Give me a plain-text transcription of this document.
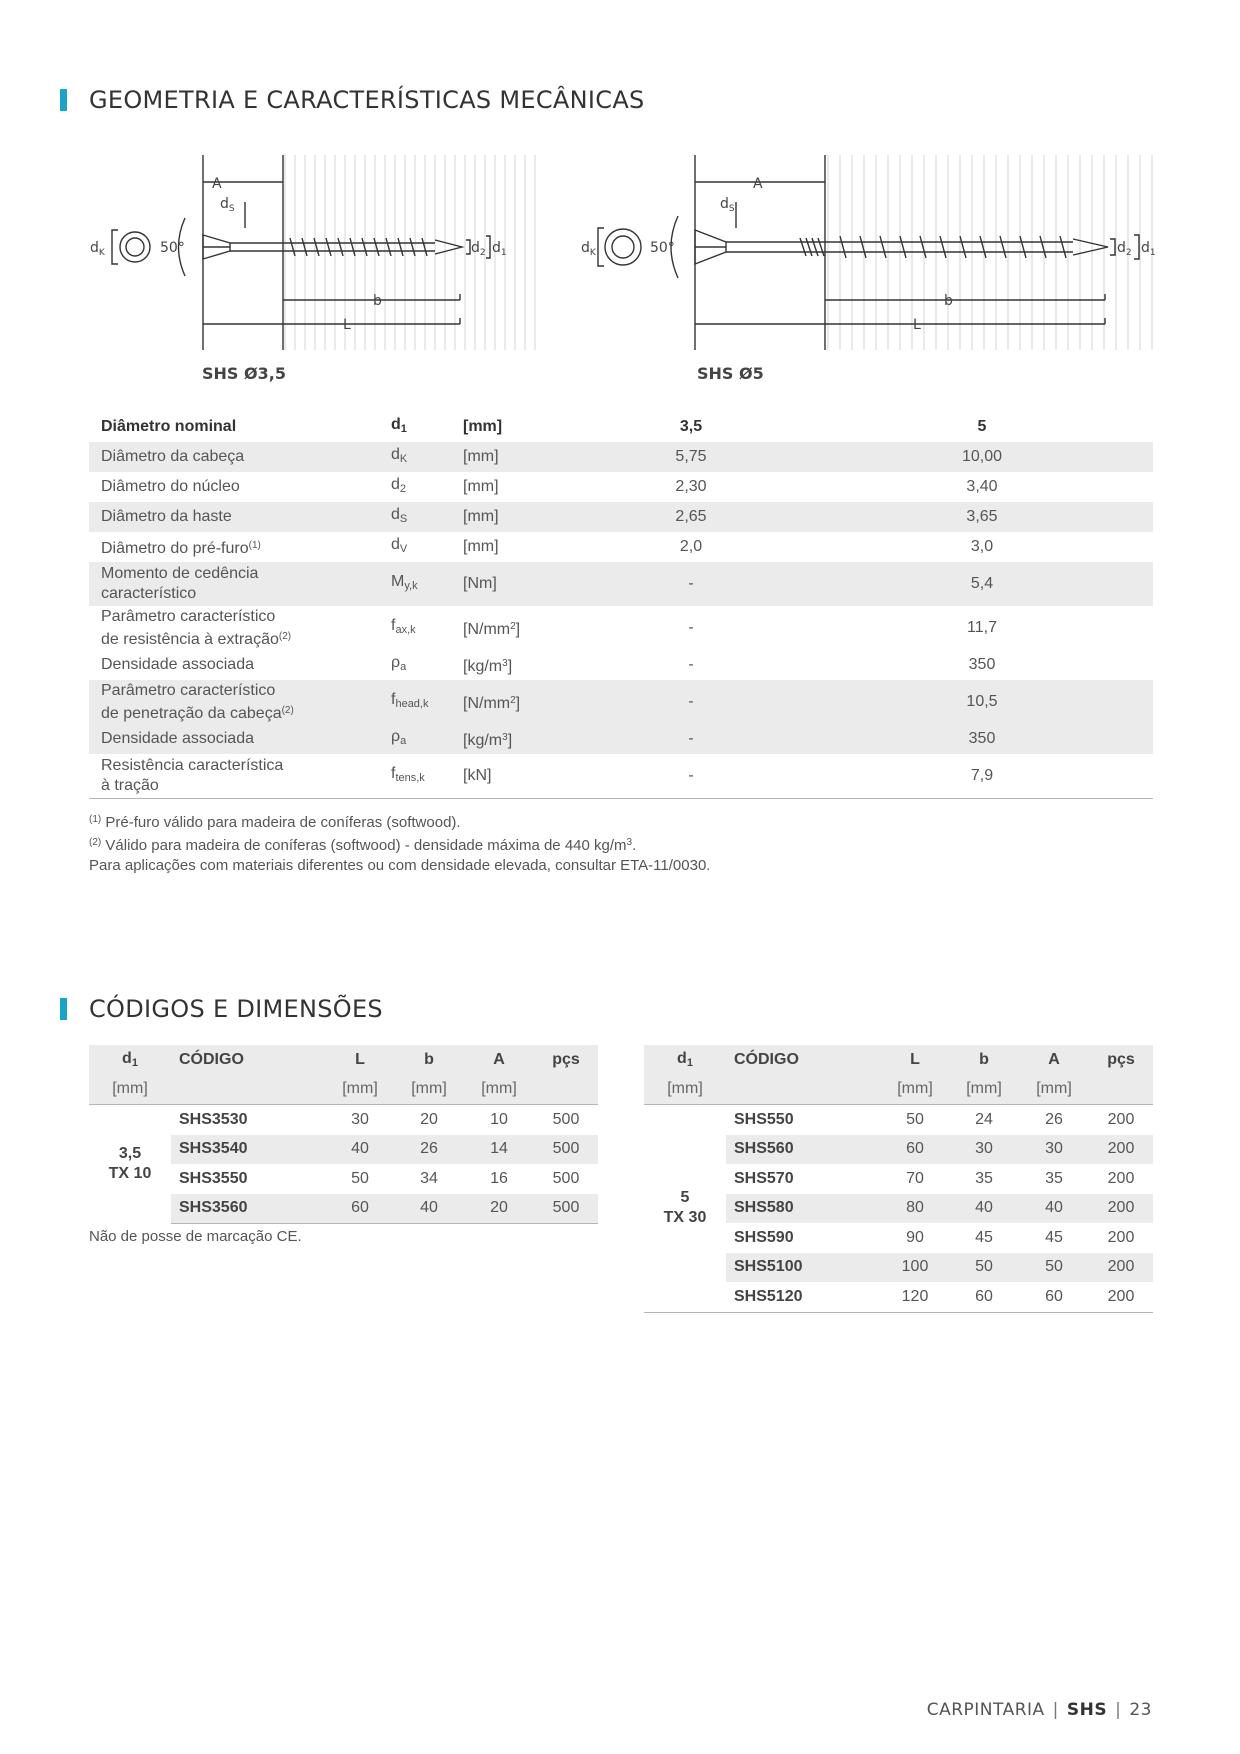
GEOMETRIA E CARACTERÍSTICAS MECÂNICAS
A
$d_S$
$d_K$	50°	$d_2$ $d_1$
b
L
SHS Ø3,5
A
$d_S$
$d_K$	50°	$d_2$ $d_1$
b
L
SHS Ø5
Diâmetro nominal	$d_1$	[mm]	3,5	5
Diâmetro da cabeça	$d_K$	[mm]	5,75	10,00
Diâmetro do núcleo	$d_2$	[mm]	2,30	3,40
Diâmetro da haste	$d_S$	[mm]	2,65	3,65
Diâmetro do pré-furo$^{(1)}$	$d_V$	[mm]	2,0	3,0
Momento de cedência
característico	$M_{y,k}$	[Nm]	-	5,4
Parâmetro característico
de resistência à extração$^{(2)}$	$f_{ax,k}$	$[N/mm^2]$	-	11,7
Densidade associada	$\rho_a$	$[kg/m^3]$	-	350
Parâmetro característico
de penetração da cabeça$^{(2)}$	$f_{head,k}$	$[N/mm^2]$	-	10,5
Densidade associada	$\rho_a$	$[kg/m^3]$	-	350
Resistência característica
à tração	$f_{tens,k}$	[kN]	-	7,9
$^{(1)}$ Pré-furo válido para madeira de coníferas (softwood).
$^{(2)}$ Válido para madeira de coníferas (softwood) - densidade máxima de 440 $kg/m^3$.
Para aplicações com materiais diferentes ou com densidade elevada, consultar ETA-11/0030.
CÓDIGOS E DIMENSÕES
$d_1$	CÓDIGO	L	b	A	pçs
[mm]		[mm]	[mm]	[mm]	
3,5
TX 10	SHS3530	30	20	10	500
	SHS3540	40	26	14	500
	SHS3550	50	34	16	500
	SHS3560	60	40	20	500
Não de posse de marcação CE.
$d_1$	CÓDIGO	L	b	A	pçs
[mm]		[mm]	[mm]	[mm]	
5
TX 30	SHS550	50	24	26	200
	SHS560	60	30	30	200
	SHS570	70	35	35	200
	SHS580	80	40	40	200
	SHS590	90	45	45	200
	SHS5100	100	50	50	200
	SHS5120	120	60	60	200
CARPINTARIA | SHS | 23
